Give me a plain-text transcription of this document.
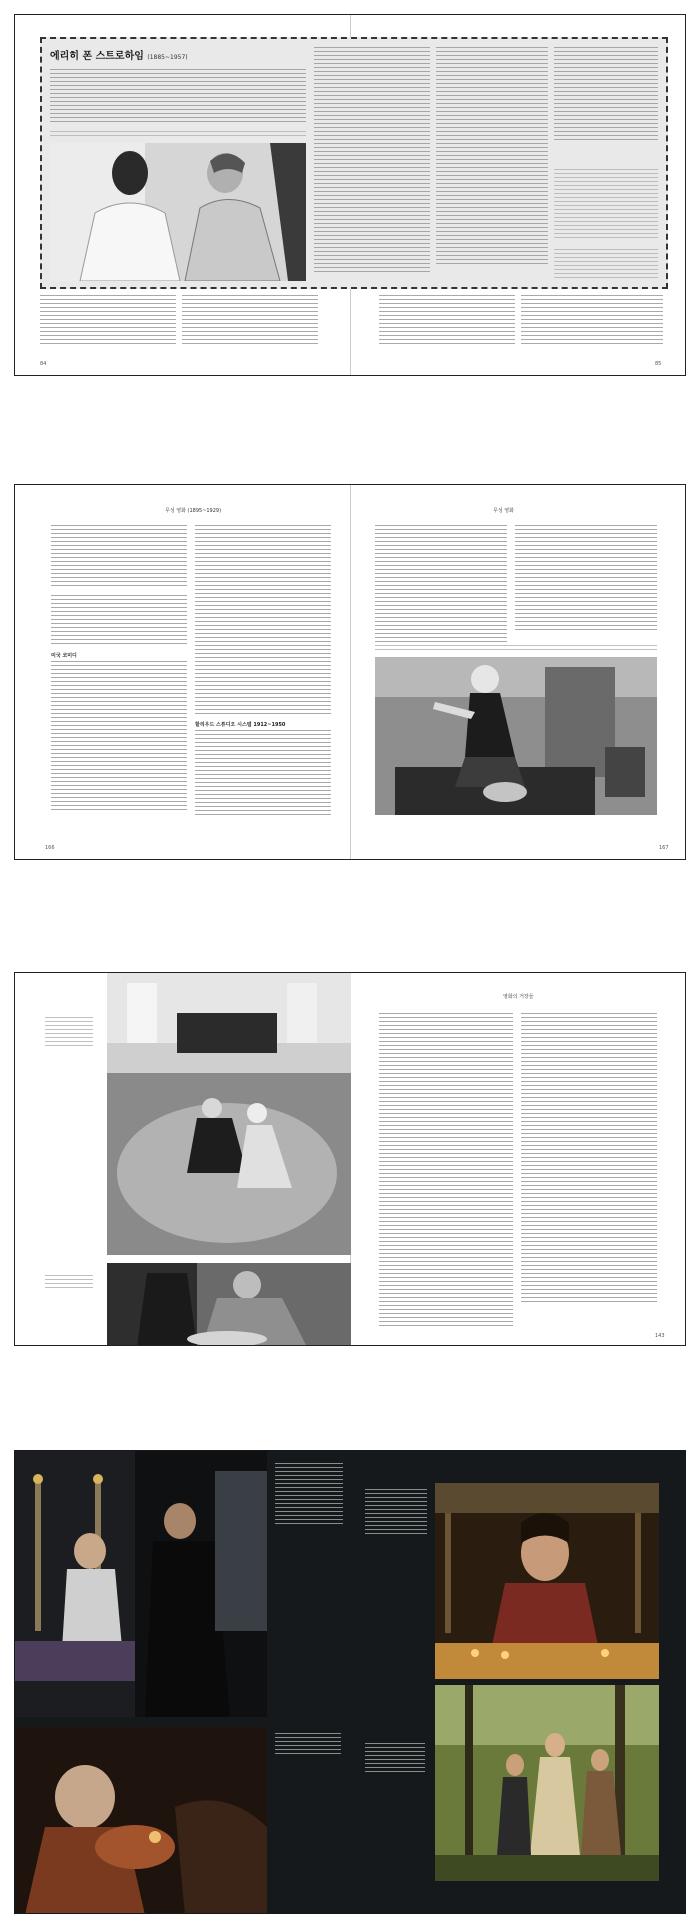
에리히 폰 스트로하임 (1885~1957)
84	85
무성 영화 (1895~1929)	무성 영화
미국 코미디
할리우드 스튜디오 시스템 1912~1950
166	167
영화의 거장들
143
